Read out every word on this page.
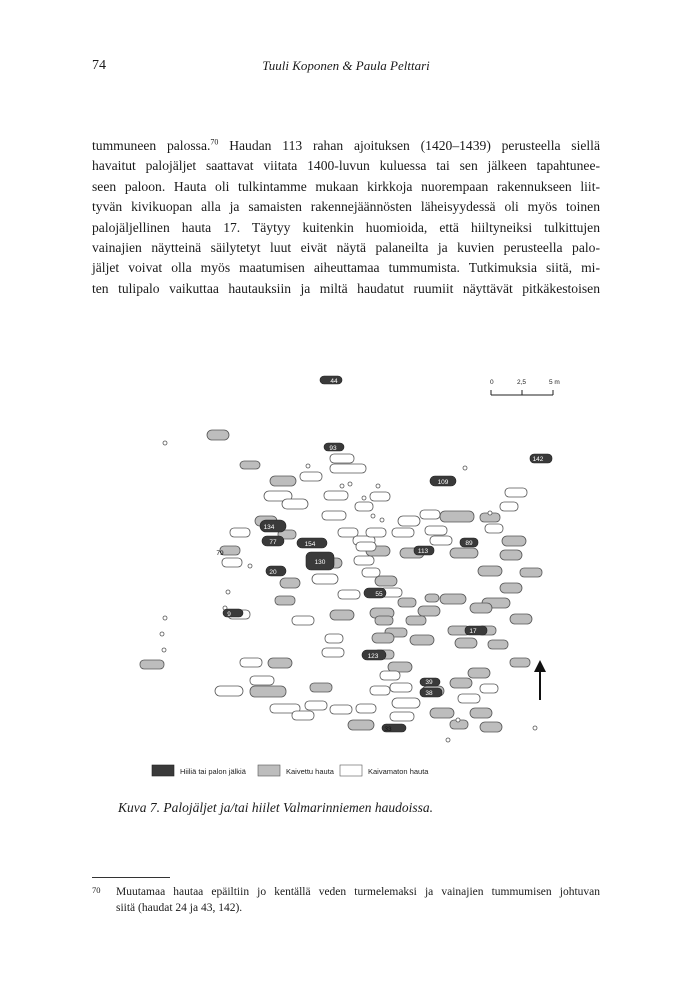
74	Tuuli Koponen & Paula Pelttari
tummuneen palossa.$^{70}$ Haudan 113 rahan ajoituksen (1420–1439) perusteella siellä
havaitut palojäljet saattavat viitata 1400-luvun kuluessa tai sen jälkeen tapahtunee-
seen paloon. Hauta oli tulkintamme mukaan kirkkoja nuorempaan rakennukseen liit-
tyvän kivikuopan alla ja samaisten rakennejäännösten läheisyydessä oli myös toinen
palojäljellinen hauta 17. Täytyy kuitenkin huomioida, että hiiltyneiksi tulkittujen
vainajien näytteinä säilytetyt luut eivät näytä palaneilta ja kuvien perusteella palo-
jäljet voivat olla myös maatumisen aiheuttamaa tummumista. Tutkimuksia siitä, mi-
ten tulipalo vaikuttaa hautauksiin ja miltä haudatut ruumiit näyttävät pitkäkestoisen
0	2,5	5 m
44
93
142
109
134
77	154
130
113
89
79
20
55
9
17
123
39
38
33
Hiiliä tai palon jälkiä	Kaivettu hauta	Kaivamaton hauta
Kuva 7. Palojäljet ja/tai hiilet Valmarinniemen haudoissa.
70 Muutamaa hautaa epäiltiin jo kentällä veden turmelemaksi ja vainajien tummumisen johtuvan
siitä (haudat 24 ja 43, 142).
